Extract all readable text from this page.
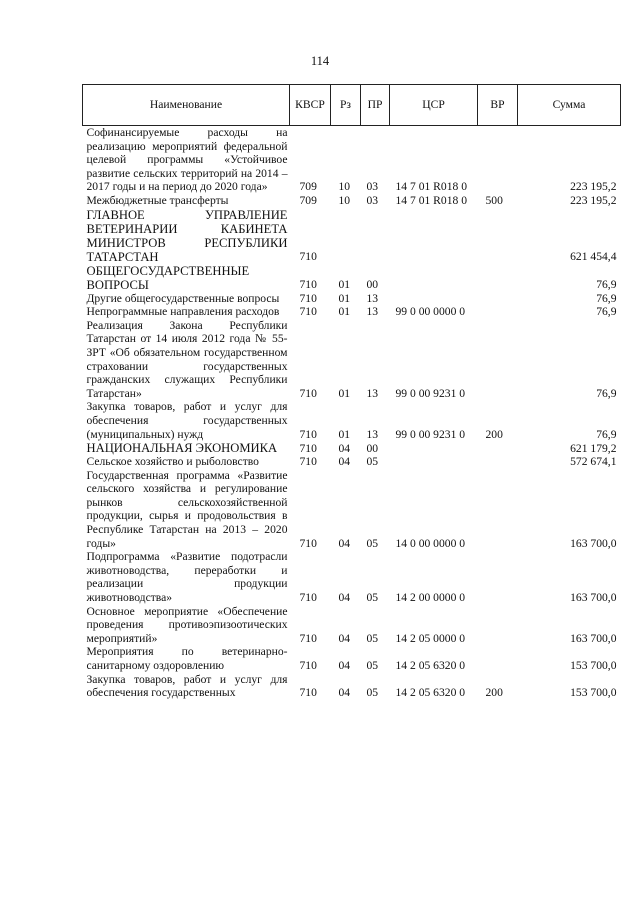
114
Наименование	КВСР	Рз	ПР	ЦСР	ВР	Сумма
Софинансируемые расходы на реализацию мероприятий федеральной целевой программы «Устойчивое развитие сельских территорий на 2014 – 2017 годы и на период до 2020 года»	709	10	03	14 7 01 R018 0		223 195,2
Межбюджетные трансферты	709	10	03	14 7 01 R018 0	500	223 195,2
ГЛАВНОЕ УПРАВЛЕНИЕ ВЕТЕРИНАРИИ КАБИНЕТА МИНИСТРОВ РЕСПУБЛИКИ ТАТАРСТАН	710					621 454,4
ОБЩЕГОСУДАРСТВЕННЫЕ ВОПРОСЫ	710	01	00			76,9
Другие общегосударственные вопросы	710	01	13			76,9
Непрограммные направления расходов	710	01	13	99 0 00 0000 0		76,9
Реализация Закона Республики Татарстан от 14 июля 2012 года № 55-ЗРТ «Об обязательном государственном страховании государственных гражданских служащих Республики Татарстан»	710	01	13	99 0 00 9231 0		76,9
Закупка товаров, работ и услуг для обеспечения государственных (муниципальных) нужд	710	01	13	99 0 00 9231 0	200	76,9
НАЦИОНАЛЬНАЯ ЭКОНОМИКА	710	04	00			621 179,2
Сельское хозяйство и рыболовство	710	04	05			572 674,1
Государственная программа «Развитие сельского хозяйства и регулирование рынков сельскохозяйственной продукции, сырья и продовольствия в Республике Татарстан на 2013 – 2020 годы»	710	04	05	14 0 00 0000 0		163 700,0
Подпрограмма «Развитие подотрасли животноводства, переработки и реализации продукции животноводства»	710	04	05	14 2 00 0000 0		163 700,0
Основное мероприятие «Обеспечение проведения противоэпизоотических мероприятий»	710	04	05	14 2 05 0000 0		163 700,0
Мероприятия по ветеринарно-санитарному оздоровлению	710	04	05	14 2 05 6320 0		153 700,0
Закупка товаров, работ и услуг для обеспечения государственных	710	04	05	14 2 05 6320 0	200	153 700,0
